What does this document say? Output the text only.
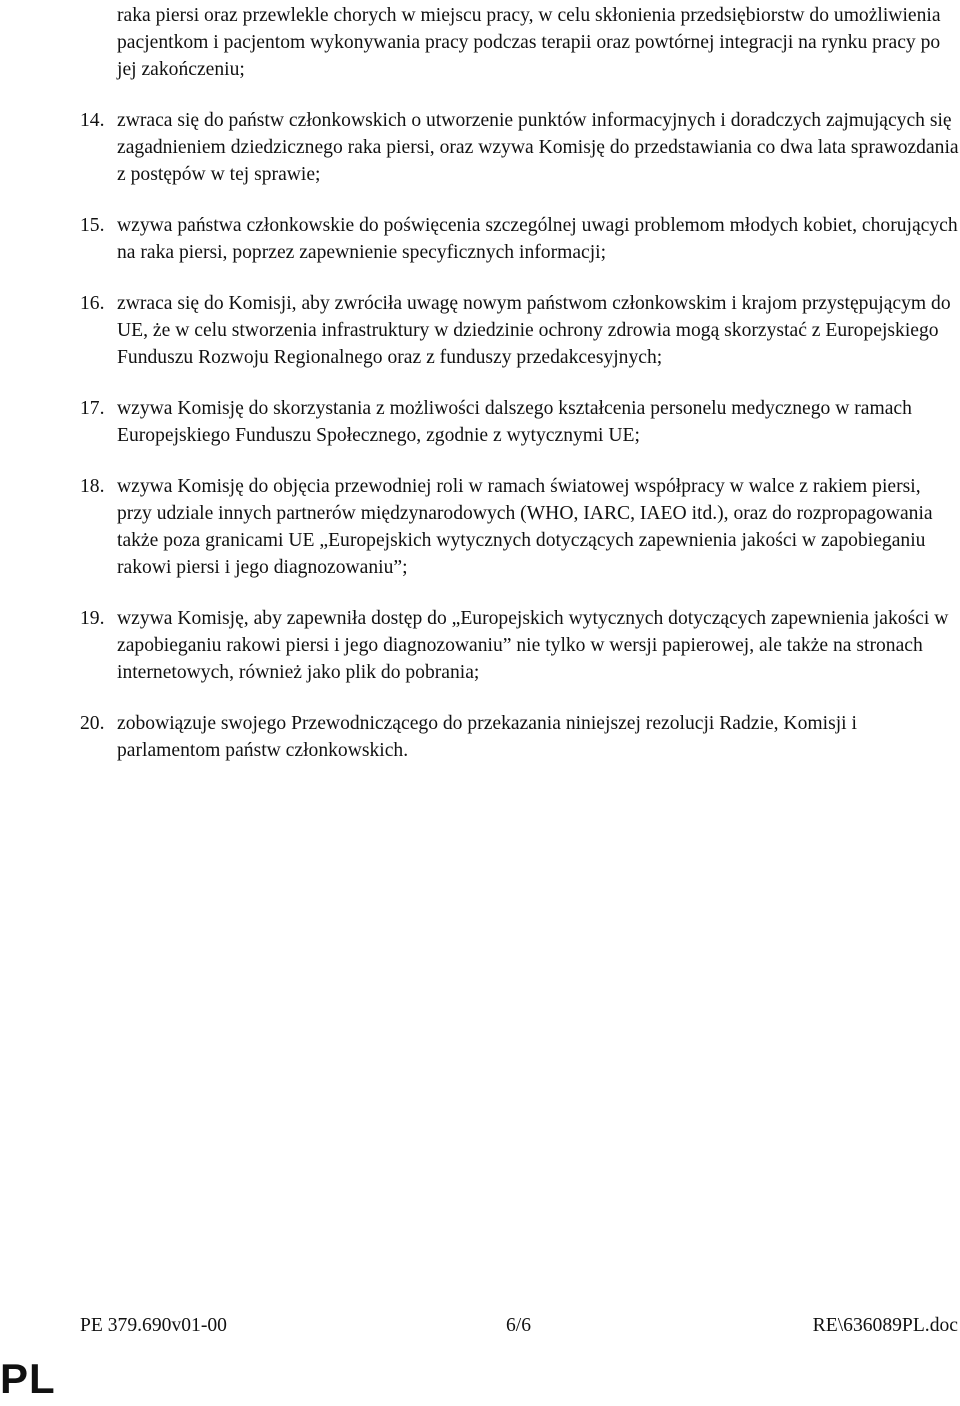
raka piersi oraz przewlekle chorych w miejscu pracy, w celu skłonienia przedsiębiorstw do umożliwienia pacjentkom i pacjentom wykonywania pracy podczas terapii oraz powtórnej integracji na rynku pracy po jej zakończeniu;

14. zwraca się do państw członkowskich o utworzenie punktów informacyjnych i doradczych zajmujących się zagadnieniem dziedzicznego raka piersi, oraz wzywa Komisję do przedstawiania co dwa lata sprawozdania z postępów w tej sprawie;
15. wzywa państwa członkowskie do poświęcenia szczególnej uwagi problemom młodych kobiet, chorujących na raka piersi, poprzez zapewnienie specyficznych informacji;
16. zwraca się do Komisji, aby zwróciła uwagę nowym państwom członkowskim i krajom przystępującym do UE, że w celu stworzenia infrastruktury w dziedzinie ochrony zdrowia mogą skorzystać z Europejskiego Funduszu Rozwoju Regionalnego oraz z funduszy przedakcesyjnych;
17. wzywa Komisję do skorzystania z możliwości dalszego kształcenia personelu medycznego w ramach Europejskiego Funduszu Społecznego, zgodnie z wytycznymi UE;
18. wzywa Komisję do objęcia przewodniej roli w ramach światowej współpracy w walce z rakiem piersi, przy udziale innych partnerów międzynarodowych (WHO, IARC, IAEO itd.), oraz do rozpropagowania także poza granicami UE „Europejskich wytycznych dotyczących zapewnienia jakości w zapobieganiu rakowi piersi i jego diagnozowaniu”;
19. wzywa Komisję, aby zapewniła dostęp do „Europejskich wytycznych dotyczących zapewnienia jakości w zapobieganiu rakowi piersi i jego diagnozowaniu” nie tylko w wersji papierowej, ale także na stronach internetowych, również jako plik do pobrania;
20. zobowiązuje swojego Przewodniczącego do przekazania niniejszej rezolucji Radzie, Komisji i parlamentom państw członkowskich.
PE 379.690v01-00	6/6	RE\636089PL.doc
PL
